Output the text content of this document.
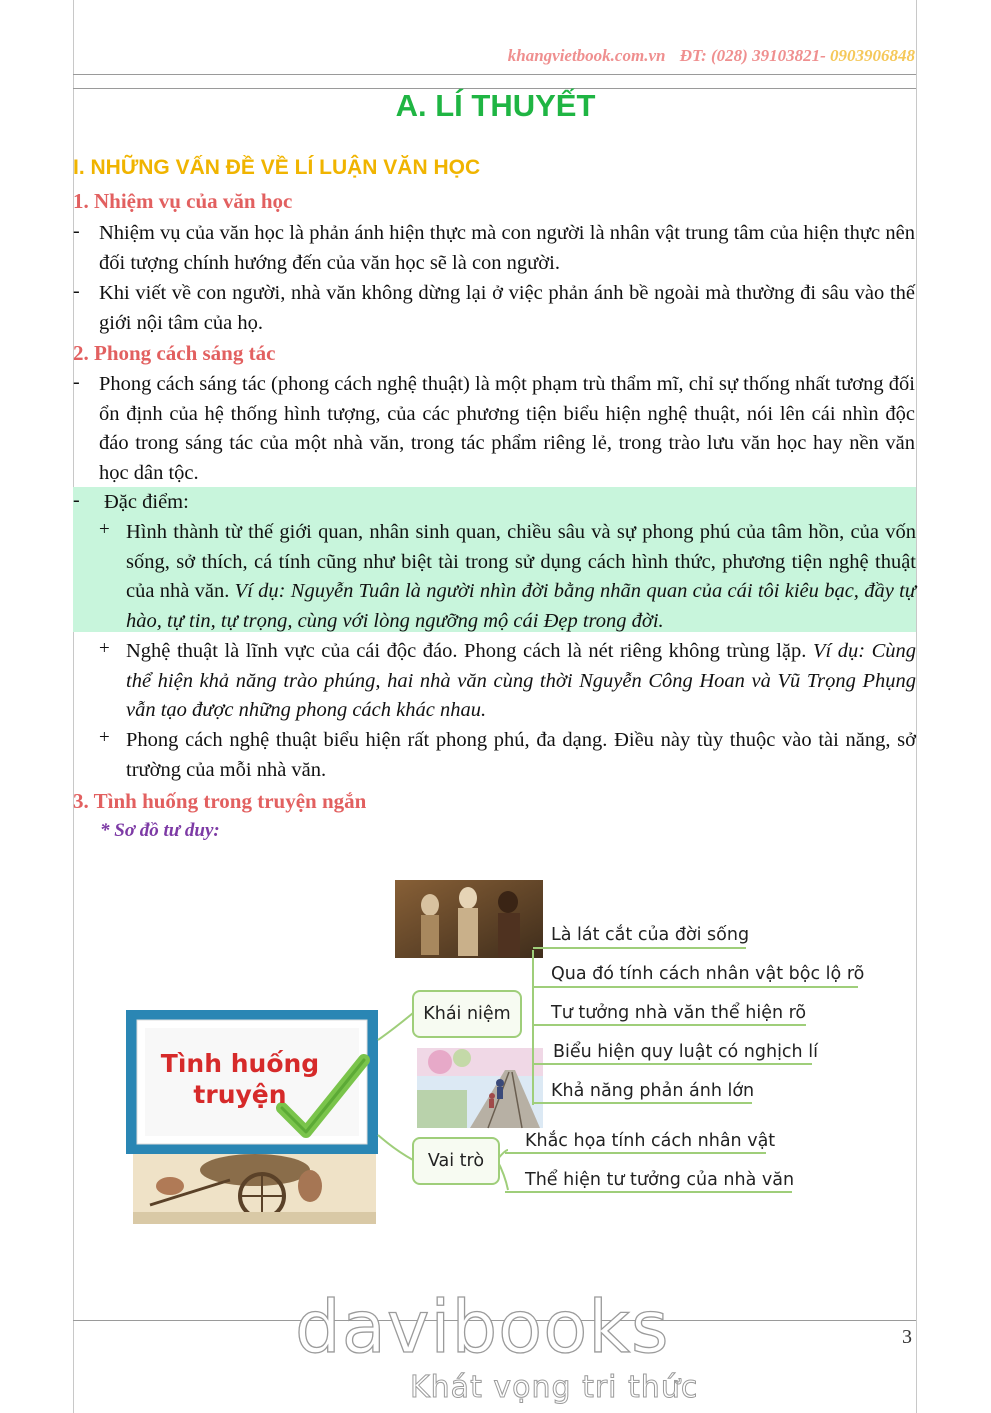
khangvietbook.com.vn ĐT: (028) 39103821- 0903906848
A. LÍ THUYẾT
I. NHỮNG VẤN ĐỀ VỀ LÍ LUẬN VĂN HỌC
1. Nhiệm vụ của văn học
- Nhiệm vụ của văn học là phản ánh hiện thực mà con người là nhân vật trung tâm của hiện thực nên đối tượng chính hướng đến của văn học sẽ là con người.
- Khi viết về con người, nhà văn không dừng lại ở việc phản ánh bề ngoài mà thường đi sâu vào thế giới nội tâm của họ.
2. Phong cách sáng tác
- Phong cách sáng tác (phong cách nghệ thuật) là một phạm trù thẩm mĩ, chỉ sự thống nhất tương đối ổn định của hệ thống hình tượng, của các phương tiện biểu hiện nghệ thuật, nói lên cái nhìn độc đáo trong sáng tác của một nhà văn, trong tác phẩm riêng lẻ, trong trào lưu văn học hay nền văn học dân tộc.
- Đặc điểm:
+ Hình thành từ thế giới quan, nhân sinh quan, chiều sâu và sự phong phú của tâm hồn, của vốn sống, sở thích, cá tính cũng như biệt tài trong sử dụng cách hình thức, phương tiện nghệ thuật của nhà văn. Ví dụ: Nguyễn Tuân là người nhìn đời bằng nhãn quan của cái tôi kiêu bạc, đầy tự hào, tự tin, tự trọng, cùng với lòng ngưỡng mộ cái Đẹp trong đời.
+ Nghệ thuật là lĩnh vực của cái độc đáo. Phong cách là nét riêng không trùng lặp. Ví dụ: Cùng thể hiện khả năng trào phúng, hai nhà văn cùng thời Nguyễn Công Hoan và Vũ Trọng Phụng vẫn tạo được những phong cách khác nhau.
+ Phong cách nghệ thuật biểu hiện rất phong phú, đa dạng. Điều này tùy thuộc vào tài năng, sở trường của mỗi nhà văn.
3. Tình huống trong truyện ngắn
* Sơ đồ tư duy:
Tình huống
truyện
Khái niệm
Vai trò
Là lát cắt của đời sống
Qua đó tính cách nhân vật bộc lộ rõ
Tư tưởng nhà văn thể hiện rõ
Biểu hiện quy luật có nghịch lí
Khả năng phản ánh lớn
Khắc họa tính cách nhân vật
Thể hiện tư tưởng của nhà văn
davibooks
Khát vọng tri thức
3
